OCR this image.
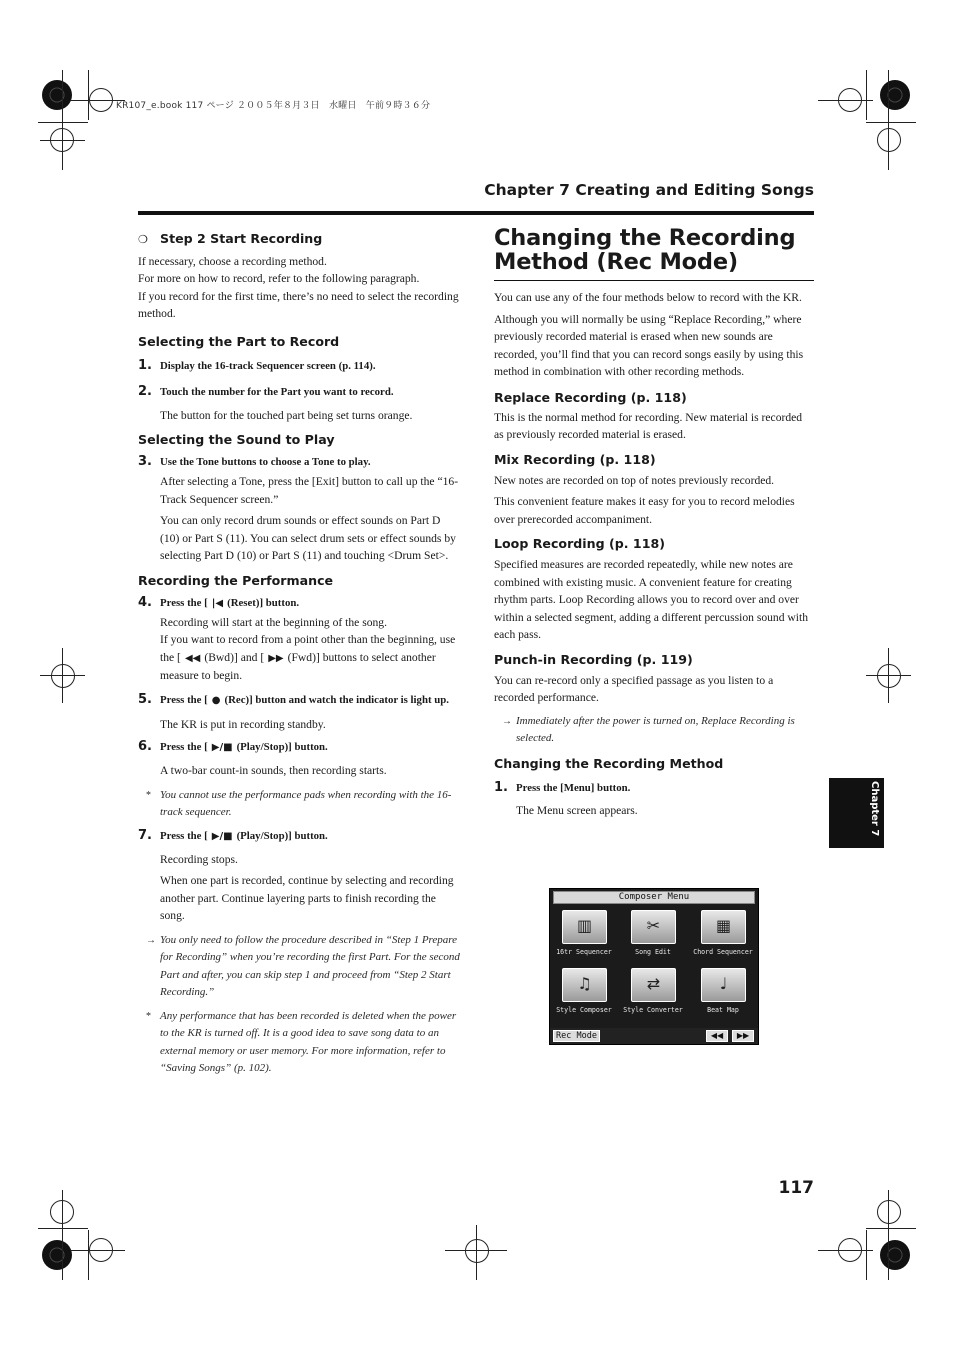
KR107_e.book 117 ページ ２００５年８月３日　水曜日　午前９時３６分
Chapter 7 Creating and Editing Songs
❍ Step 2 Start Recording

If necessary, choose a recording method.

For more on how to record, refer to the following paragraph.

If you record for the first time, there’s no need to select the recording method.

Selecting the Part to Record
1. Display the 16-track Sequencer screen (p. 114).
2. Touch the number for the Part you want to record.

The button for the touched part being set turns orange.

Selecting the Sound to Play
3. Use the Tone buttons to choose a Tone to play.

After selecting a Tone, press the [Exit] button to call up the “16-Track Sequencer screen.”

You can only record drum sounds or effect sounds on Part D (10) or Part S (11). You can select drum sets or effect sounds by selecting Part D (10) or Part S (11) and touching <Drum Set>.

Recording the Performance
4. Press the [ |◀ (Reset)] button.

Recording will start at the beginning of the song.

If you want to record from a point other than the beginning, use the [ ◀◀ (Bwd)] and [ ▶▶ (Fwd)] buttons to select another measure to begin.

5. Press the [ ● (Rec)] button and watch the indicator is light up.

The KR is put in recording standby.

6. Press the [ ▶/■ (Play/Stop)] button.

A two-bar count-in sounds, then recording starts.

* You cannot use the performance pads when recording with the 16-track sequencer.
7. Press the [ ▶/■ (Play/Stop)] button.

Recording stops.

When one part is recorded, continue by selecting and recording another part. Continue layering parts to finish recording the song.

→ You only need to follow the procedure described in “Step 1 Prepare for Recording” when you’re recording the first Part. For the second Part and after, you can skip step 1 and proceed from “Step 2 Start Recording.”
* Any performance that has been recorded is deleted when the power to the KR is turned off. It is a good idea to save song data to an external memory or user memory. For more information, refer to “Saving Songs” (p. 102).
Changing the Recording
Method (Rec Mode)

You can use any of the four methods below to record with the KR.

Although you will normally be using “Replace Recording,” where previously recorded material is erased when new sounds are recorded, you’ll find that you can record songs easily by using this method in combination with other recording methods.

Replace Recording (p. 118)

This is the normal method for recording. New material is recorded as previously recorded material is erased.

Mix Recording (p. 118)

New notes are recorded on top of notes previously recorded.

This convenient feature makes it easy for you to record melodies over prerecorded accompaniment.

Loop Recording (p. 118)

Specified measures are recorded repeatedly, while new notes are combined with existing music. A convenient feature for creating rhythm parts. Loop Recording allows you to record over and over within a selected segment, adding a different percussion sound with each pass.

Punch-in Recording (p. 119)

You can re-record only a specified passage as you listen to a recorded performance.

→ Immediately after the power is turned on, Replace Recording is selected.
Changing the Recording Method
1. Press the [Menu] button.

The Menu screen appears.

Composer Menu
▥
16tr Sequencer
✂
Song Edit
▦
Chord Sequencer
♫
Style Composer
⇄
Style Converter
♩
Beat Map
Rec Mode	◀◀	▶▶
Chapter 7
117
